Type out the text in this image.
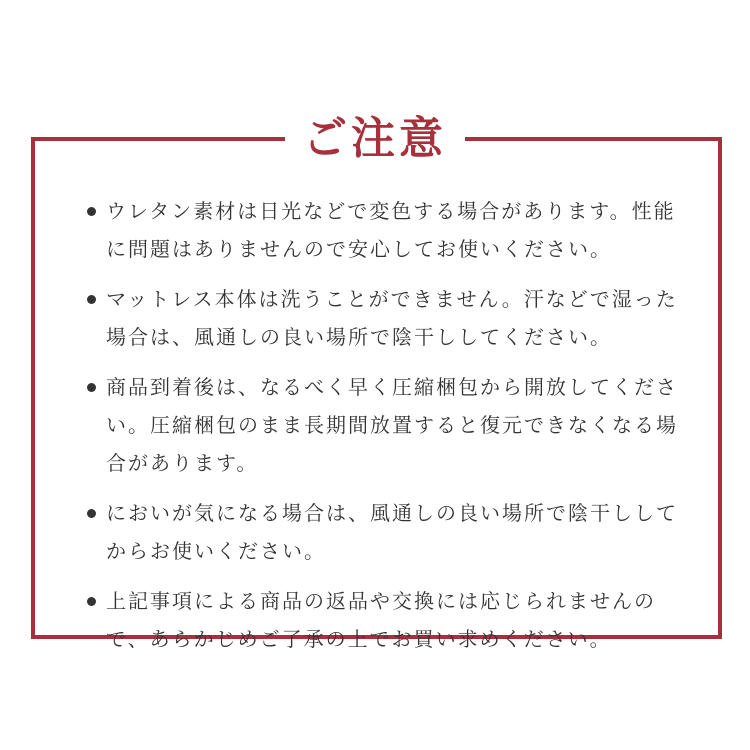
ご注意
ウレタン素材は日光などで変色する場合があります。性能に問題はありませんので安心してお使いください。
マットレス本体は洗うことができません。汗などで湿った場合は、風通しの良い場所で陰干ししてください。
商品到着後は、なるべく早く圧縮梱包から開放してください。圧縮梱包のまま長期間放置すると復元できなくなる場合があります。
においが気になる場合は、風通しの良い場所で陰干ししてからお使いください。
上記事項による商品の返品や交換には応じられませんので、あらかじめご了承の上でお買い求めください。
